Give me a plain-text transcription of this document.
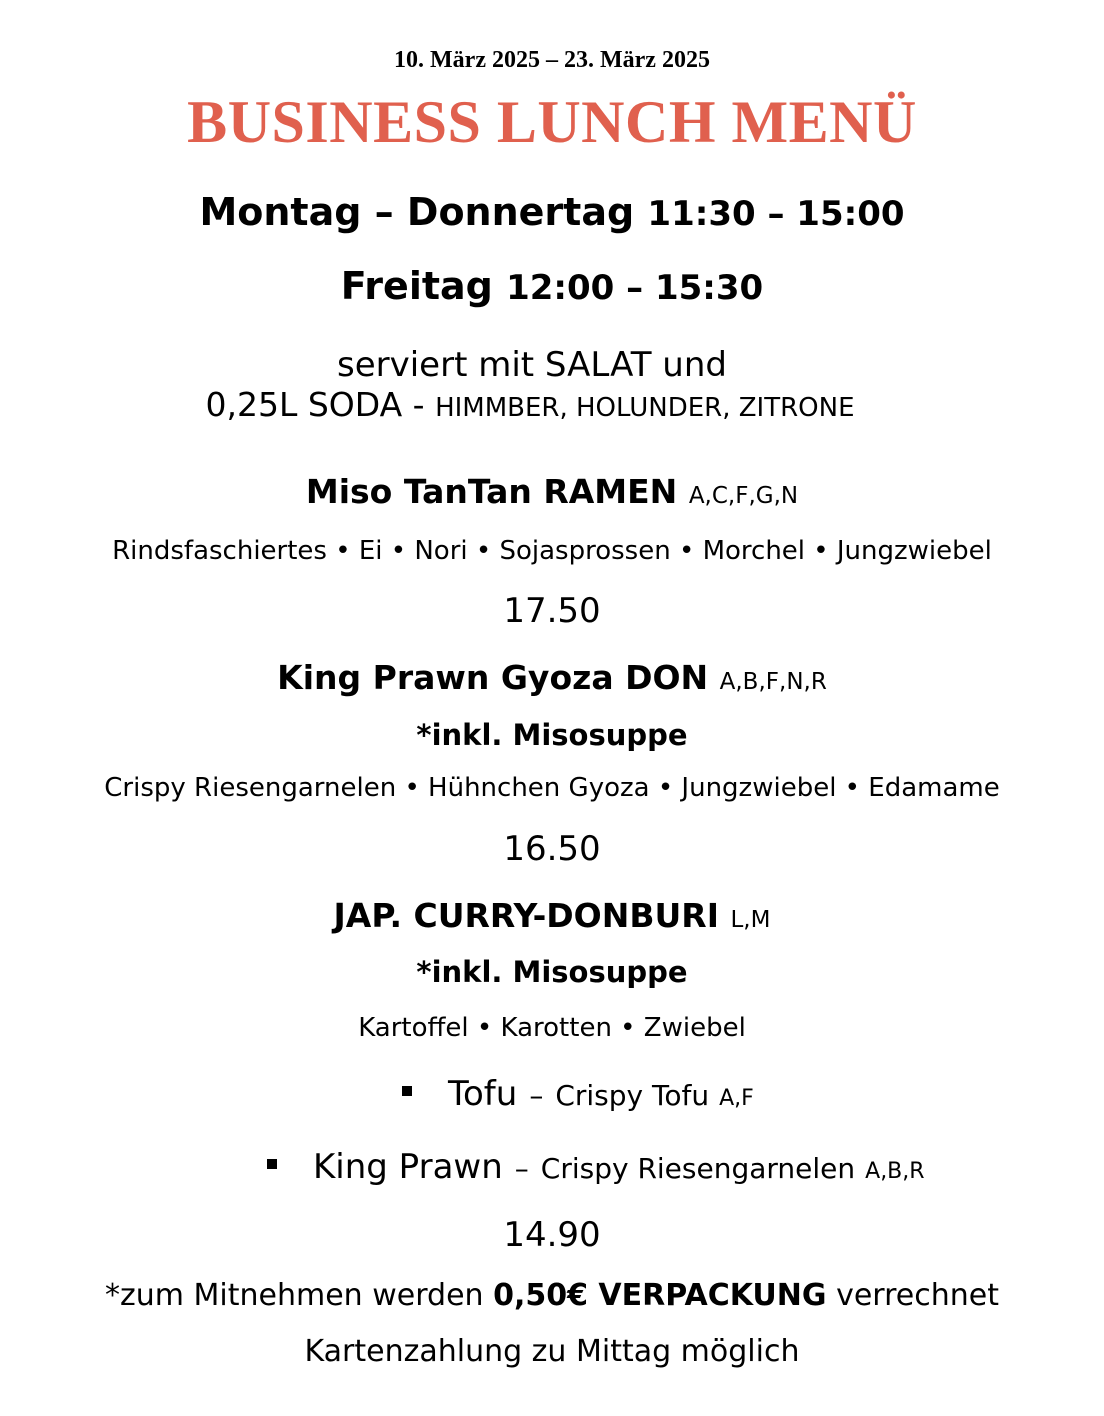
10. März 2025 – 23. März 2025
BUSINESS LUNCH MENÜ
Montag – Donnertag 11:30 – 15:00
Freitag 12:00 – 15:30
serviert mit SALAT und
0,25L SODA - HIMMBER, HOLUNDER, ZITRONE
Miso TanTan RAMEN A,C,F,G,N
Rindsfaschiertes • Ei • Nori • Sojasprossen • Morchel • Jungzwiebel
17.50
King Prawn Gyoza DON A,B,F,N,R
*inkl. Misosuppe
Crispy Riesengarnelen • Hühnchen Gyoza • Jungzwiebel • Edamame
16.50
JAP. CURRY-DONBURI L,M
*inkl. Misosuppe
Kartoffel • Karotten • Zwiebel
Tofu – Crispy Tofu A,F
King Prawn – Crispy Riesengarnelen A,B,R
14.90
*zum Mitnehmen werden 0,50€ VERPACKUNG verrechnet
Kartenzahlung zu Mittag möglich
